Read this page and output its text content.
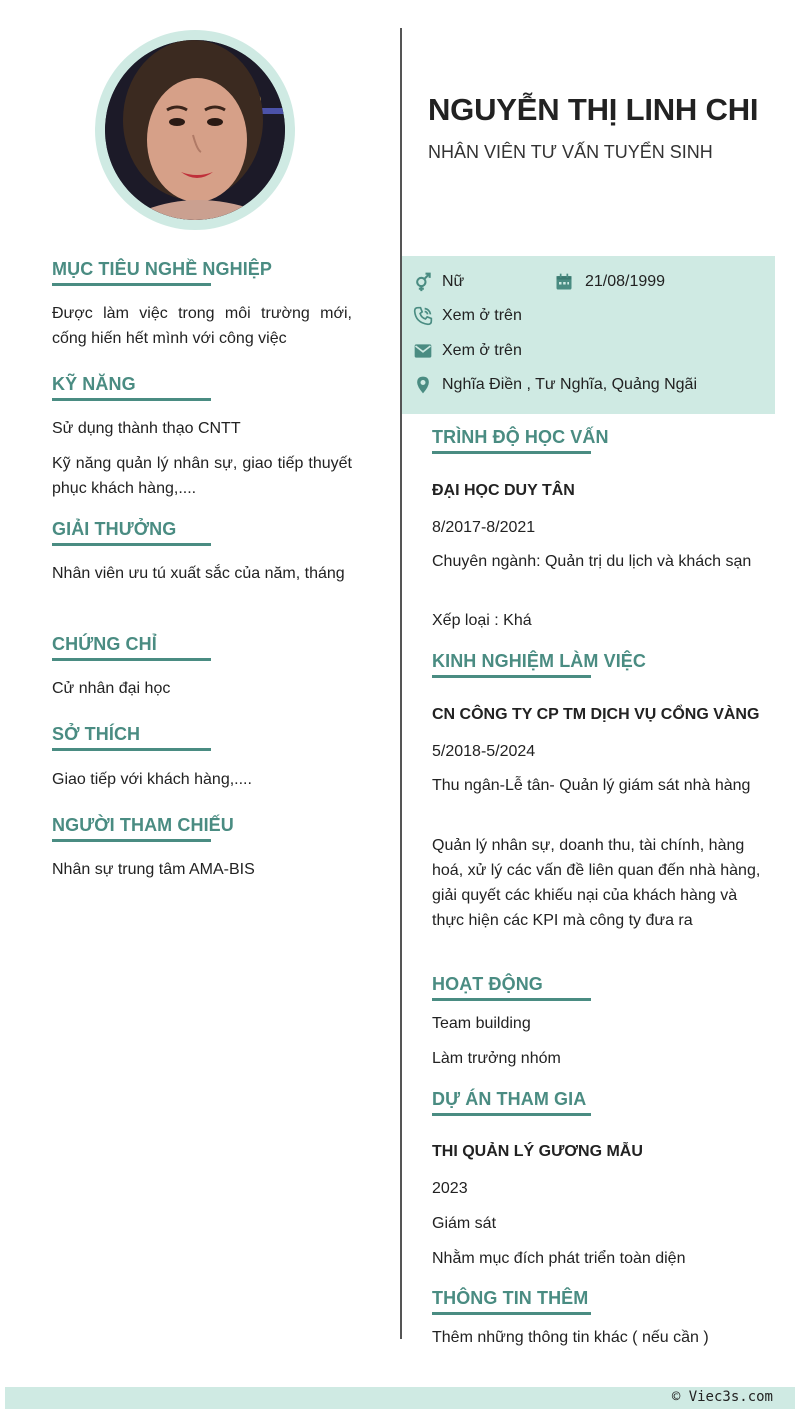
NGUYỄN THỊ LINH CHI
NHÂN VIÊN TƯ VẤN TUYỂN SINH
Nữ	21/08/1999
Xem ở trên
Xem ở trên
Nghĩa Điền , Tư Nghĩa, Quảng Ngãi
MỤC TIÊU NGHỀ NGHIỆP
Được làm việc trong môi trường mới, cống hiến hết mình với công việc
KỸ NĂNG
Sử dụng thành thạo CNTT
Kỹ năng quản lý nhân sự, giao tiếp thuyết phục khách hàng,....
GIẢI THƯỞNG
Nhân viên ưu tú xuất sắc của năm, tháng
CHỨNG CHỈ
Cử nhân đại học
SỞ THÍCH
Giao tiếp với khách hàng,....
NGƯỜI THAM CHIẾU
Nhân sự trung tâm AMA-BIS
TRÌNH ĐỘ HỌC VẤN
ĐẠI HỌC DUY TÂN
8/2017-8/2021
Chuyên ngành: Quản trị du lịch và khách sạn
Xếp loại : Khá
KINH NGHIỆM LÀM VIỆC
CN CÔNG TY CP TM DỊCH VỤ CỔNG VÀNG
5/2018-5/2024
Thu ngân-Lễ tân- Quản lý giám sát nhà hàng
Quản lý nhân sự, doanh thu, tài chính, hàng hoá, xử lý các vấn đề liên quan đến nhà hàng, giải quyết các khiếu nại của khách hàng và thực hiện các KPI mà công ty đưa ra
HOẠT ĐỘNG
Team building
Làm trưởng nhóm
DỰ ÁN THAM GIA
THI QUẢN LÝ GƯƠNG MẪU
2023
Giám sát
Nhằm mục đích phát triển toàn diện
THÔNG TIN THÊM
Thêm những thông tin khác ( nếu cần )
© Viec3s.com
